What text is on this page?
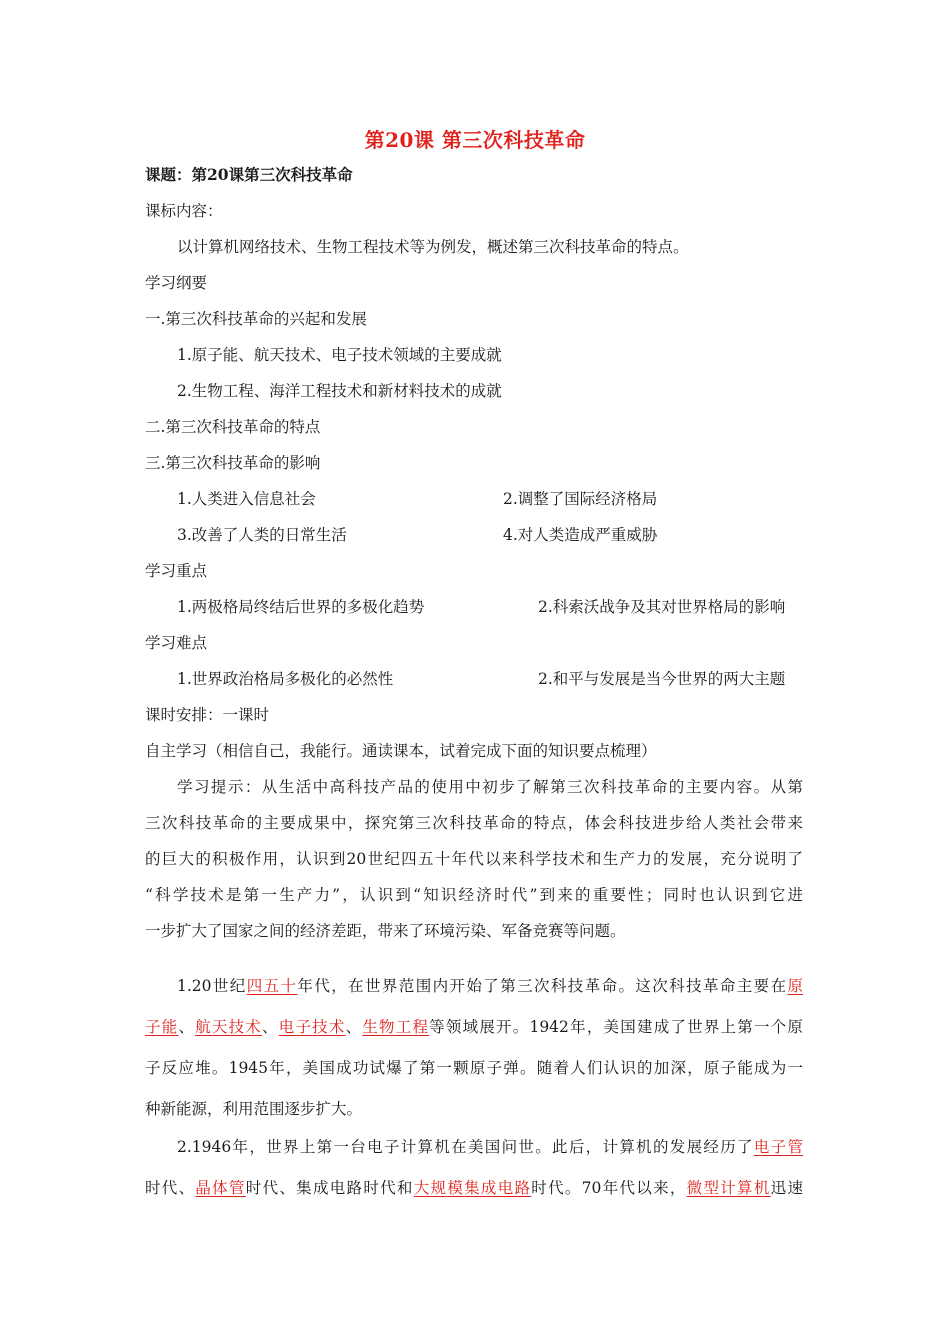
第20课 第三次科技革命
课题：第20课第三次科技革命
课标内容：
以计算机网络技术、生物工程技术等为例发，概述第三次科技革命的特点。
学习纲要
一.第三次科技革命的兴起和发展
1.原子能、航天技术、电子技术领域的主要成就
2.生物工程、海洋工程技术和新材料技术的成就
二.第三次科技革命的特点
三.第三次科技革命的影响
1.人类进入信息社会	2.调整了国际经济格局
3.改善了人类的日常生活	4.对人类造成严重威胁
学习重点
1.两极格局终结后世界的多极化趋势	2.科索沃战争及其对世界格局的影响
学习难点
1.世界政治格局多极化的必然性	2.和平与发展是当今世界的两大主题
课时安排：一课时
自主学习（相信自己，我能行。通读课本，试着完成下面的知识要点梳理）
学习提示：从生活中高科技产品的使用中初步了解第三次科技革命的主要内容。从第
三次科技革命的主要成果中，探究第三次科技革命的特点，体会科技进步给人类社会带来
的巨大的积极作用，认识到20世纪四五十年代以来科学技术和生产力的发展，充分说明了
“科学技术是第一生产力”，认识到“知识经济时代”到来的重要性；同时也认识到它进
一步扩大了国家之间的经济差距，带来了环境污染、军备竞赛等问题。
1.20世纪四五十年代，在世界范围内开始了第三次科技革命。这次科技革命主要在原
子能、航天技术、电子技术、生物工程等领域展开。1942年，美国建成了世界上第一个原
子反应堆。1945年，美国成功试爆了第一颗原子弹。随着人们认识的加深，原子能成为一
种新能源，利用范围逐步扩大。
2.1946年，世界上第一台电子计算机在美国问世。此后，计算机的发展经历了电子管
时代、晶体管时代、集成电路时代和大规模集成电路时代。70年代以来，微型计算机迅速
